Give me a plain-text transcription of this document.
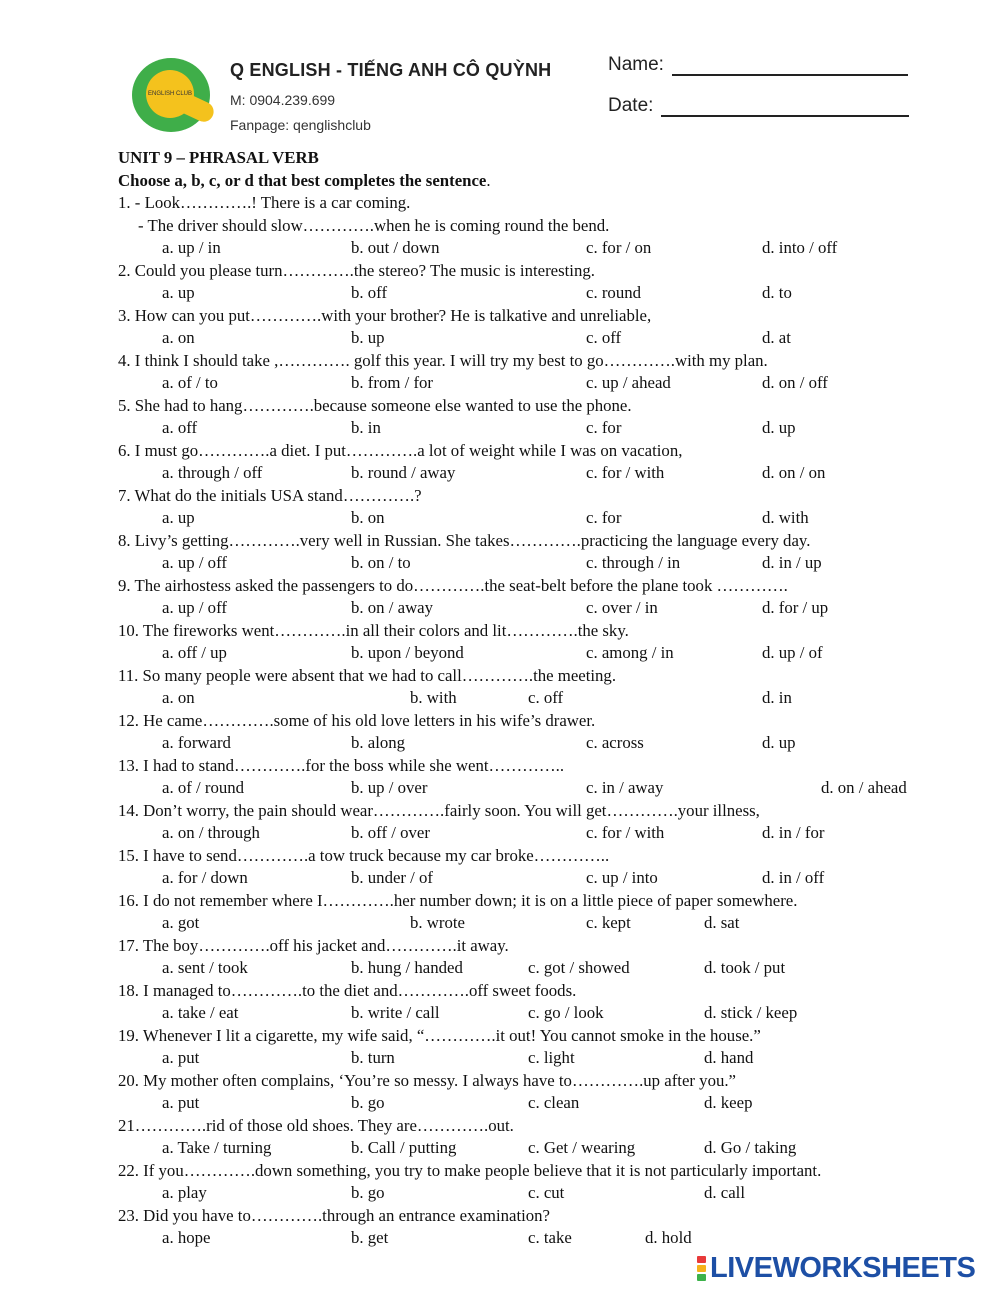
ENGLISH CLUB
Q ENGLISH - TIẾNG ANH CÔ QUỲNH
M: 0904.239.699
Fanpage: qenglishclub
Name:
Date:
UNIT 9 – PHRASAL VERB
Choose a, b, c, or d that best completes the sentence.
1. - Look………….! There is a car coming.
- The driver should slow………….when he is coming round the bend.
a. up / in	b. out / down	c. for / on	d. into / off
2. Could you please turn………….the stereo? The music is interesting.
a. up	b. off	c. round	d. to
3. How can you put………….with your brother? He is talkative and unreliable,
a. on	b. up	c. off	d. at
4. I think I should take ,…………. golf this year. I will try my best to go………….with my plan.
a. of / to	b. from / for	c. up / ahead	d. on / off
5. She had to hang………….because someone else wanted to use the phone.
a. off	b. in	c. for	d. up
6. I must go………….a diet. I put………….a lot of weight while I was on vacation,
a. through / off	b. round / away	c. for / with	d. on / on
7. What do the initials USA stand………….?
a. up	b. on	c. for	d. with
8. Livy’s getting………….very well in Russian. She takes………….practicing the language every day.
a. up / off	b. on / to	c. through / in	d. in / up
9. The airhostess asked the passengers to do………….the seat-belt before the plane took ………….
a. up / off	b. on / away	c. over / in	d. for / up
10. The fireworks went………….in all their colors and lit………….the sky.
a. off / up	b. upon / beyond	c. among / in	d. up / of
11. So many people were absent that we had to call………….the meeting.
a. on	b. with	c. off	d. in
12. He came………….some of his old love letters in his wife’s drawer.
a. forward	b. along	c. across	d. up
13. I had to stand………….for the boss while she went…………..
a. of / round	b. up / over	c. in / away	d. on / ahead
14. Don’t worry, the pain should wear………….fairly soon. You will get………….your illness,
a. on / through	b. off / over	c. for / with	d. in / for
15. I have to send………….a tow truck because my car broke…………..
a. for / down	b. under / of	c. up / into	d. in / off
16. I do not remember where I………….her number down; it is on a little piece of paper somewhere.
a. got	b. wrote	c. kept	d. sat
17. The boy………….off his jacket and………….it away.
a. sent / took	b. hung / handed	c. got / showed	d. took / put
18. I managed to………….to the diet and………….off sweet foods.
a. take / eat	b. write / call	c. go / look	d. stick / keep
19. Whenever I lit a cigarette, my wife said, “………….it out! You cannot smoke in the house.”
a. put	b. turn	c. light	d. hand
20. My mother often complains, ‘You’re so messy. I always have to………….up after you.”
a. put	b. go	c. clean	d. keep
21………….rid of those old shoes. They are………….out.
a. Take / turning	b. Call / putting	c. Get / wearing	d. Go / taking
22. If you………….down something, you try to make people believe that it is not particularly important.
a. play	b. go	c. cut	d. call
23. Did you have to………….through an entrance examination?
a. hope	b. get	c. take	d. hold
LIVEWORKSHEETS
